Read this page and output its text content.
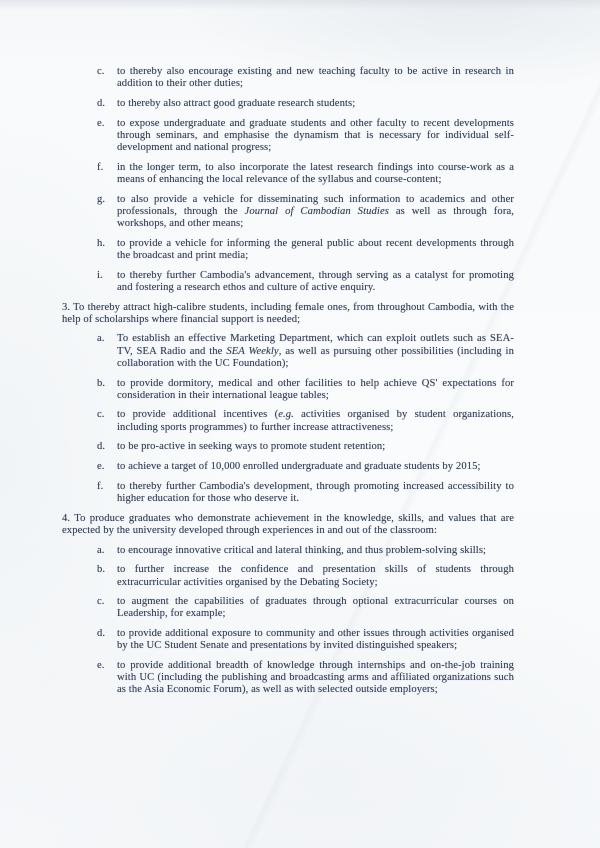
c. to thereby also encourage existing and new teaching faculty to be active in research in addition to their other duties;
d. to thereby also attract good graduate research students;
e. to expose undergraduate and graduate students and other faculty to recent developments through seminars, and emphasise the dynamism that is necessary for individual self-development and national progress;
f. in the longer term, to also incorporate the latest research findings into course-work as a means of enhancing the local relevance of the syllabus and course-content;
g. to also provide a vehicle for disseminating such information to academics and other professionals, through the Journal of Cambodian Studies as well as through fora, workshops, and other means;
h. to provide a vehicle for informing the general public about recent developments through the broadcast and print media;
i. to thereby further Cambodia's advancement, through serving as a catalyst for promoting and fostering a research ethos and culture of active enquiry.

3. To thereby attract high-calibre students, including female ones, from throughout Cambodia, with the help of scholarships where financial support is needed;

a. To establish an effective Marketing Department, which can exploit outlets such as SEA-TV, SEA Radio and the SEA Weekly, as well as pursuing other possibilities (including in collaboration with the UC Foundation);
b. to provide dormitory, medical and other facilities to help achieve QS' expectations for consideration in their international league tables;
c. to provide additional incentives (e.g. activities organised by student organizations, including sports programmes) to further increase attractiveness;
d. to be pro-active in seeking ways to promote student retention;
e. to achieve a target of 10,000 enrolled undergraduate and graduate students by 2015;
f. to thereby further Cambodia's development, through promoting increased accessibility to higher education for those who deserve it.

4. To produce graduates who demonstrate achievement in the knowledge, skills, and values that are expected by the university developed through experiences in and out of the classroom:

a. to encourage innovative critical and lateral thinking, and thus problem-solving skills;
b. to further increase the confidence and presentation skills of students through extracurricular activities organised by the Debating Society;
c. to augment the capabilities of graduates through optional extracurricular courses on Leadership, for example;
d. to provide additional exposure to community and other issues through activities organised by the UC Student Senate and presentations by invited distinguished speakers;
e. to provide additional breadth of knowledge through internships and on-the-job training with UC (including the publishing and broadcasting arms and affiliated organizations such as the Asia Economic Forum), as well as with selected outside employers;
